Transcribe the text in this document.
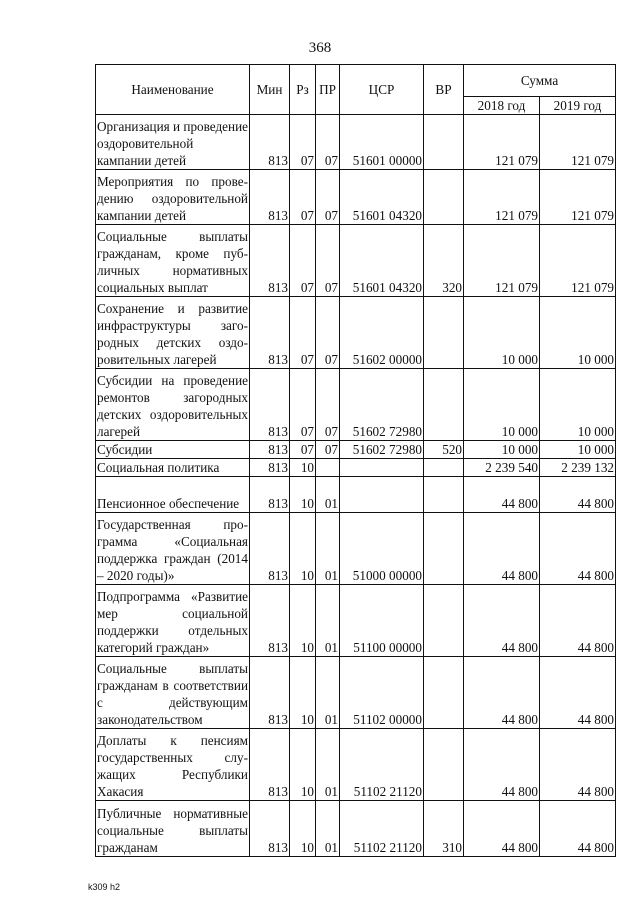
368
Наименование	Мин	Рз	ПР	ЦСР	ВР	Сумма	
						2018 год	2019 год
Организация и проведение оздоровительной кампании детей	813	07	07	51601 00000		121 079	121 079
Мероприятия по проведению оздоровительной кампании детей	813	07	07	51601 04320		121 079	121 079
Социальные выплаты гражданам, кроме публичных нормативных социальных выплат	813	07	07	51601 04320	320	121 079	121 079
Сохранение и развитие инфраструктуры загородных детских оздоровительных лагерей	813	07	07	51602 00000		10 000	10 000
Субсидии на проведение ремонтов загородных детских оздоровительных лагерей	813	07	07	51602 72980		10 000	10 000
Субсидии	813	07	07	51602 72980	520	10 000	10 000
Социальная политика	813	10				2 239 540	2 239 132
Пенсионное обеспечение	813	10	01			44 800	44 800
Государственная программа «Социальная поддержка граждан (2014 – 2020 годы)»	813	10	01	51000 00000		44 800	44 800
Подпрограмма «Развитие мер социальной поддержки отдельных категорий граждан»	813	10	01	51100 00000		44 800	44 800
Социальные выплаты гражданам в соответствии с действующим законодательством	813	10	01	51102 00000		44 800	44 800
Доплаты к пенсиям государственных служащих Республики Хакасия	813	10	01	51102 21120		44 800	44 800
Публичные нормативные социальные выплаты гражданам	813	10	01	51102 21120	310	44 800	44 800
k309 h2
